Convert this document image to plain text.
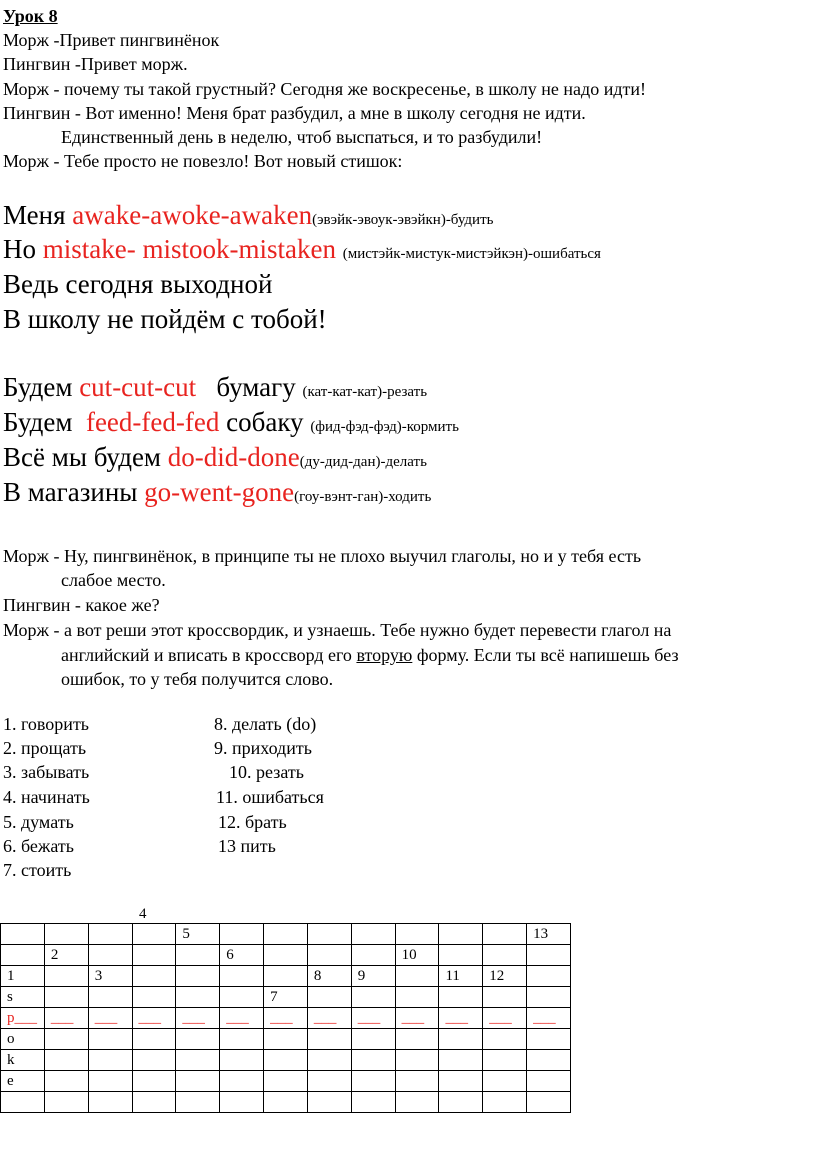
Урок 8
Морж -Привет пингвинёнок
Пингвин -Привет морж.
Морж - почему ты такой грустный? Сегодня же воскресенье, в школу не надо идти!
Пингвин - Вот именно! Меня брат разбудил, а мне в школу сегодня не идти.
Единственный день в неделю, чтоб выспаться, и то разбудили!
Морж - Тебе просто не повезло! Вот новый стишок:
Меня awake-awoke-awaken(эвэйк-эвоук-эвэйкн)-будить
Но mistake- mistook-mistaken (мистэйк-мистук-мистэйкэн)-ошибаться
Ведь сегодня выходной
В школу не пойдём с тобой!
Будем cut-cut-cut   бумагу (кат-кат-кат)-резать
Будем  feed-fed-fed собаку (фид-фэд-фэд)-кормить
Всё мы будем do-did-done(ду-дид-дан)-делать
В магазины go-went-gone(гоу-вэнт-ган)-ходить
Морж - Ну, пингвинёнок, в принципе ты не плохо выучил глаголы, но и у тебя есть
слабое место.
Пингвин - какое же?
Морж - а вот реши этот кроссвордик, и узнаешь. Тебе нужно будет перевести глагол на
английский и вписать в кроссворд его вторую форму. Если ты всё напишешь без
ошибок, то у тебя получится слово.
1. говорить
2. прощать
3. забывать
4. начинать
5. думать
6. бежать
7. стоить
8. делать (do)
9. приходить
10. резать
11. ошибаться
12. брать
13 пить
4
				5								13
	2				6				10			
1		3					8	9		11	12	
s						7						
p___	___	___	___	___	___	___	___	___	___	___	___	___
o												
k												
e												
